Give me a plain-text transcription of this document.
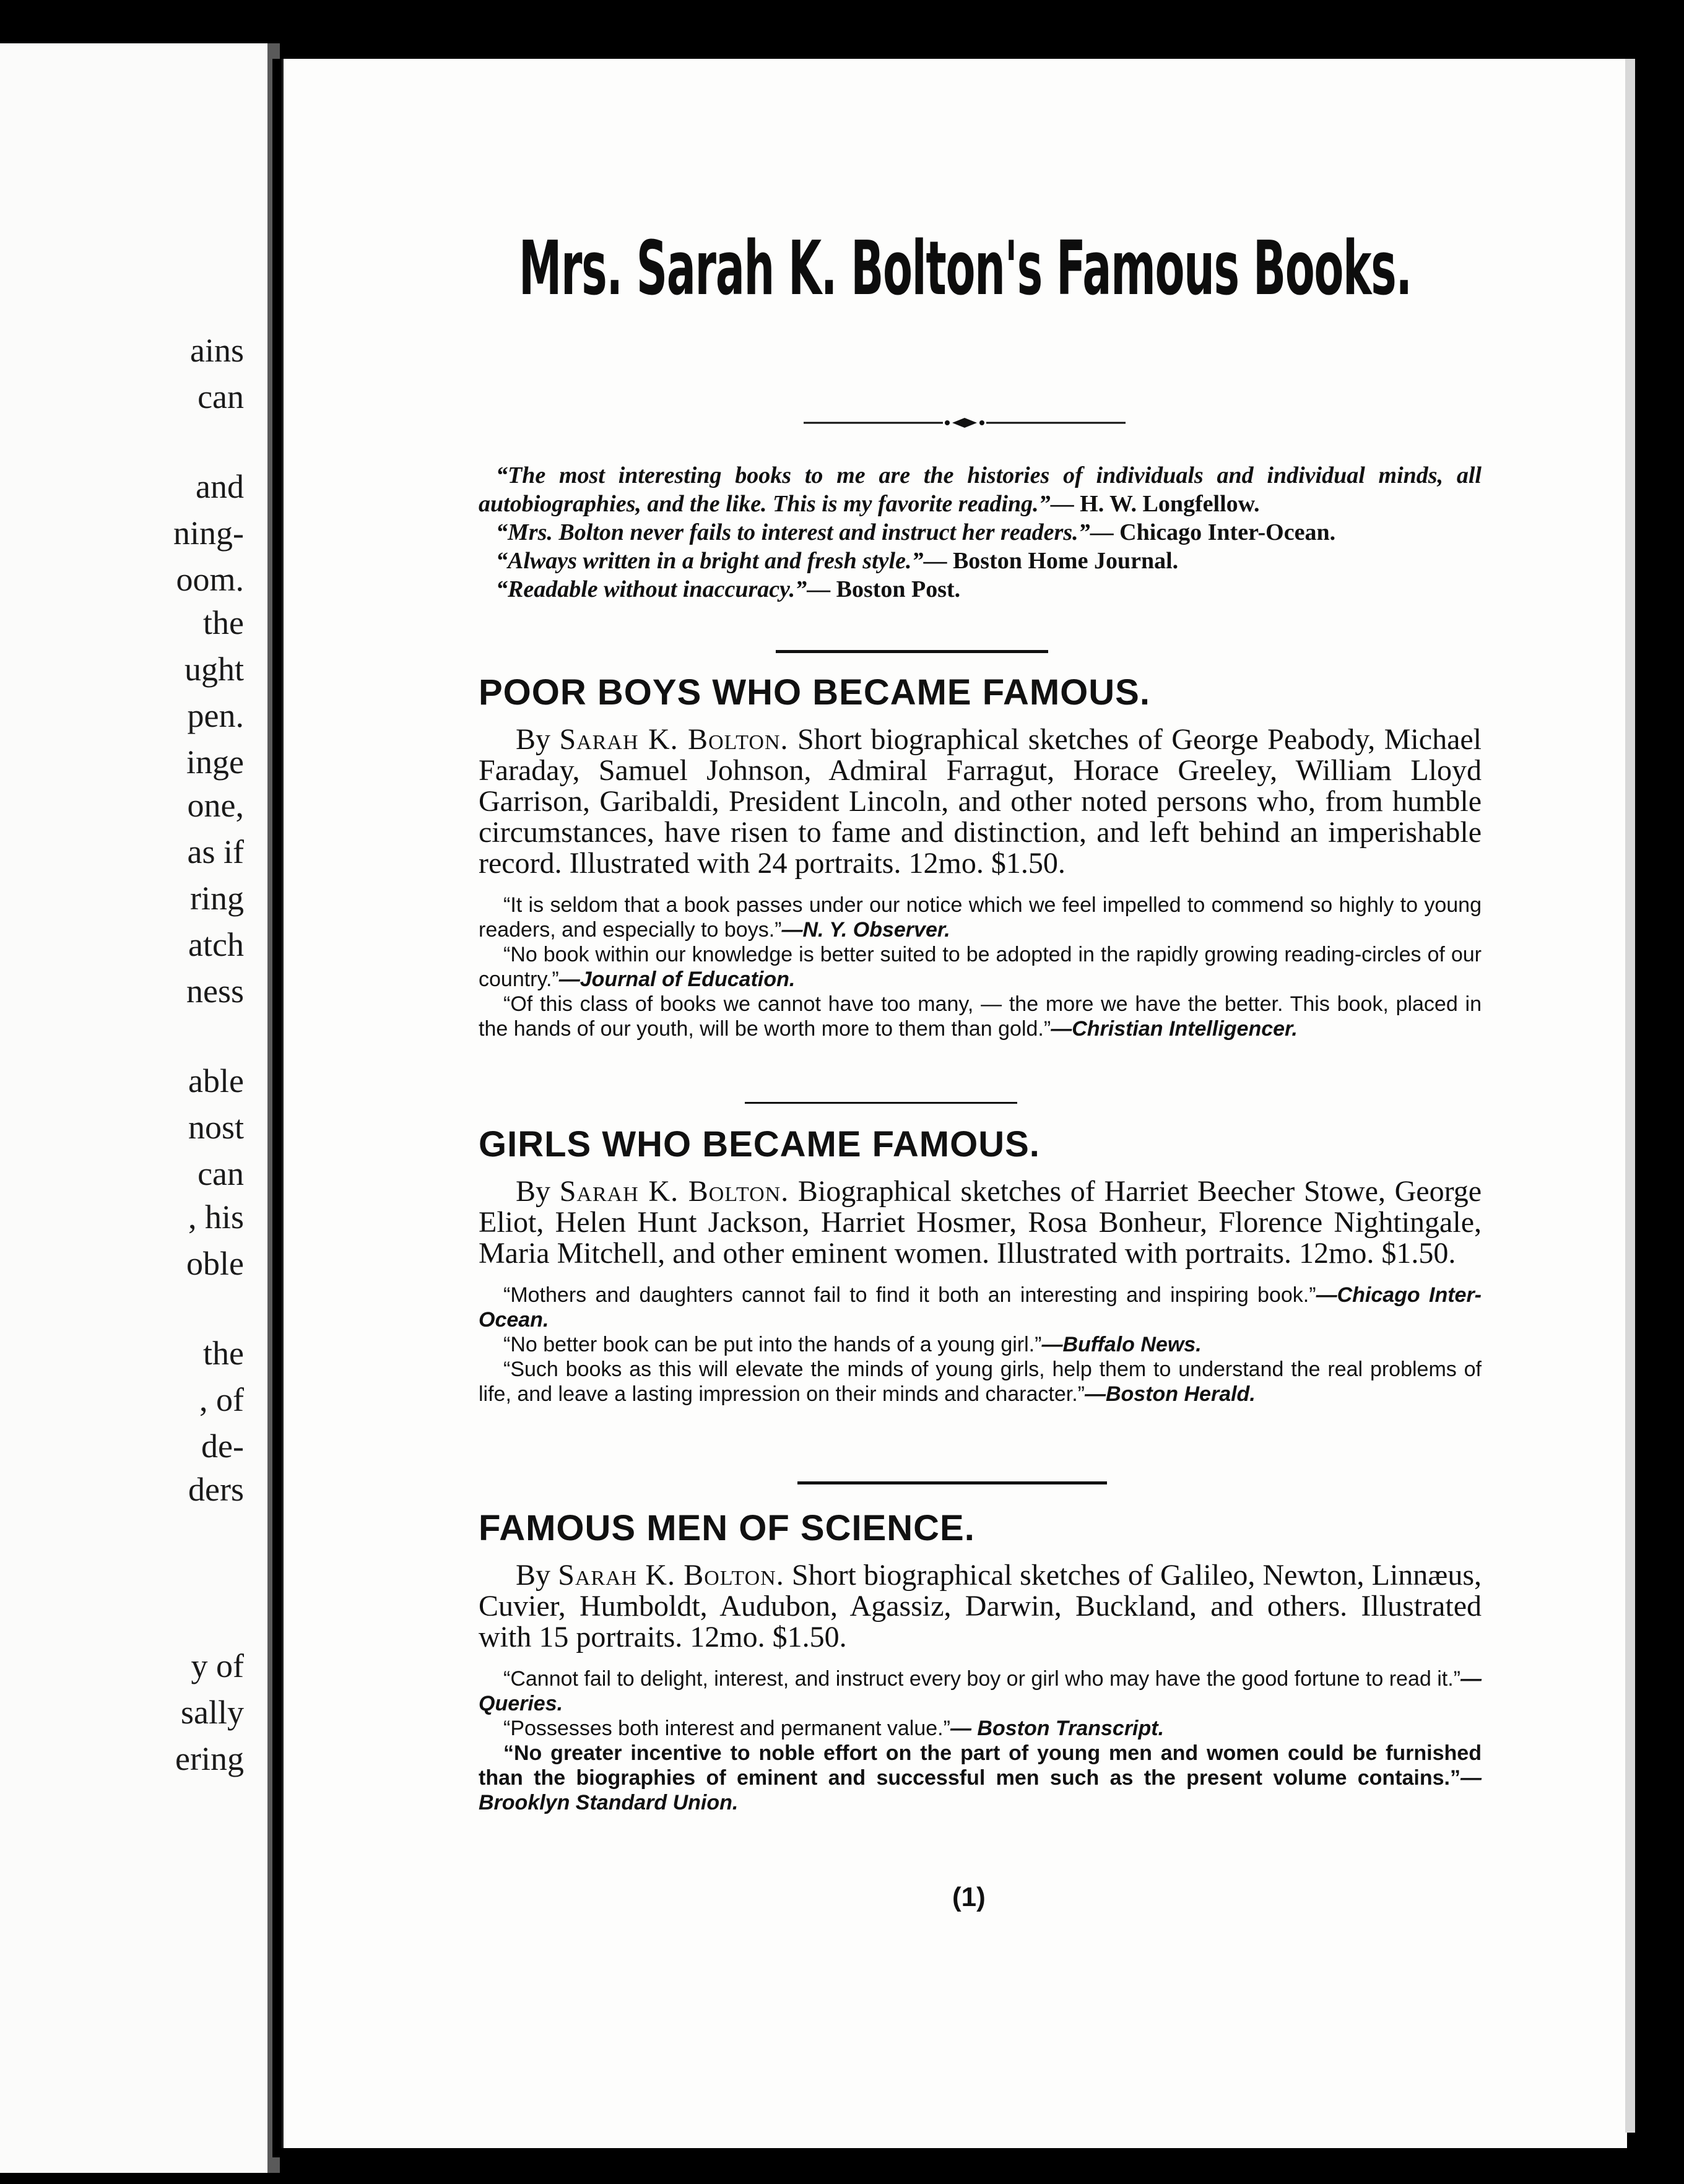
ains
can
and
ning-
oom.
the
ught
pen.
inge
one,
as if
ring
atch
ness
able
nost
can
, his
oble
the
, of
de-
ders
y of
sally
ering
Mrs. Sarah K. Bolton's Famous Books.

“The most interesting books to me are the histories of individuals and individual minds, all autobiographies, and the like. This is my favorite reading.”— H. W. Longfellow.

“Mrs. Bolton never fails to interest and instruct her readers.”— Chicago Inter-Ocean.

“Always written in a bright and fresh style.”— Boston Home Journal.

“Readable without inaccuracy.”— Boston Post.

POOR BOYS WHO BECAME FAMOUS.

By Sarah K. Bolton. Short biographical sketches of George Peabody, Michael Faraday, Samuel Johnson, Admiral Farragut, Horace Greeley, William Lloyd Garrison, Garibaldi, President Lincoln, and other noted persons who, from humble circumstances, have risen to fame and distinction, and left behind an imperishable record. Illustrated with 24 portraits. 12mo. $1.50.

“It is seldom that a book passes under our notice which we feel impelled to commend so highly to young readers, and especially to boys.”—N. Y. Observer.

“No book within our knowledge is better suited to be adopted in the rapidly growing reading-circles of our country.”—Journal of Education.

“Of this class of books we cannot have too many, — the more we have the better. This book, placed in the hands of our youth, will be worth more to them than gold.”—Christian Intelligencer.

GIRLS WHO BECAME FAMOUS.

By Sarah K. Bolton. Biographical sketches of Harriet Beecher Stowe, George Eliot, Helen Hunt Jackson, Harriet Hosmer, Rosa Bonheur, Florence Nightingale, Maria Mitchell, and other eminent women. Illustrated with portraits. 12mo. $1.50.

“Mothers and daughters cannot fail to find it both an interesting and inspiring book.”—Chicago Inter-Ocean.

“No better book can be put into the hands of a young girl.”—Buffalo News.

“Such books as this will elevate the minds of young girls, help them to understand the real problems of life, and leave a lasting impression on their minds and character.”—Boston Herald.

FAMOUS MEN OF SCIENCE.

By Sarah K. Bolton. Short biographical sketches of Galileo, Newton, Linnæus, Cuvier, Humboldt, Audubon, Agassiz, Darwin, Buckland, and others. Illustrated with 15 portraits. 12mo. $1.50.

“Cannot fail to delight, interest, and instruct every boy or girl who may have the good fortune to read it.”—Queries.

“Possesses both interest and permanent value.”— Boston Transcript.

“No greater incentive to noble effort on the part of young men and women could be furnished than the biographies of eminent and successful men such as the present volume contains.”—Brooklyn Standard Union.

(1)
